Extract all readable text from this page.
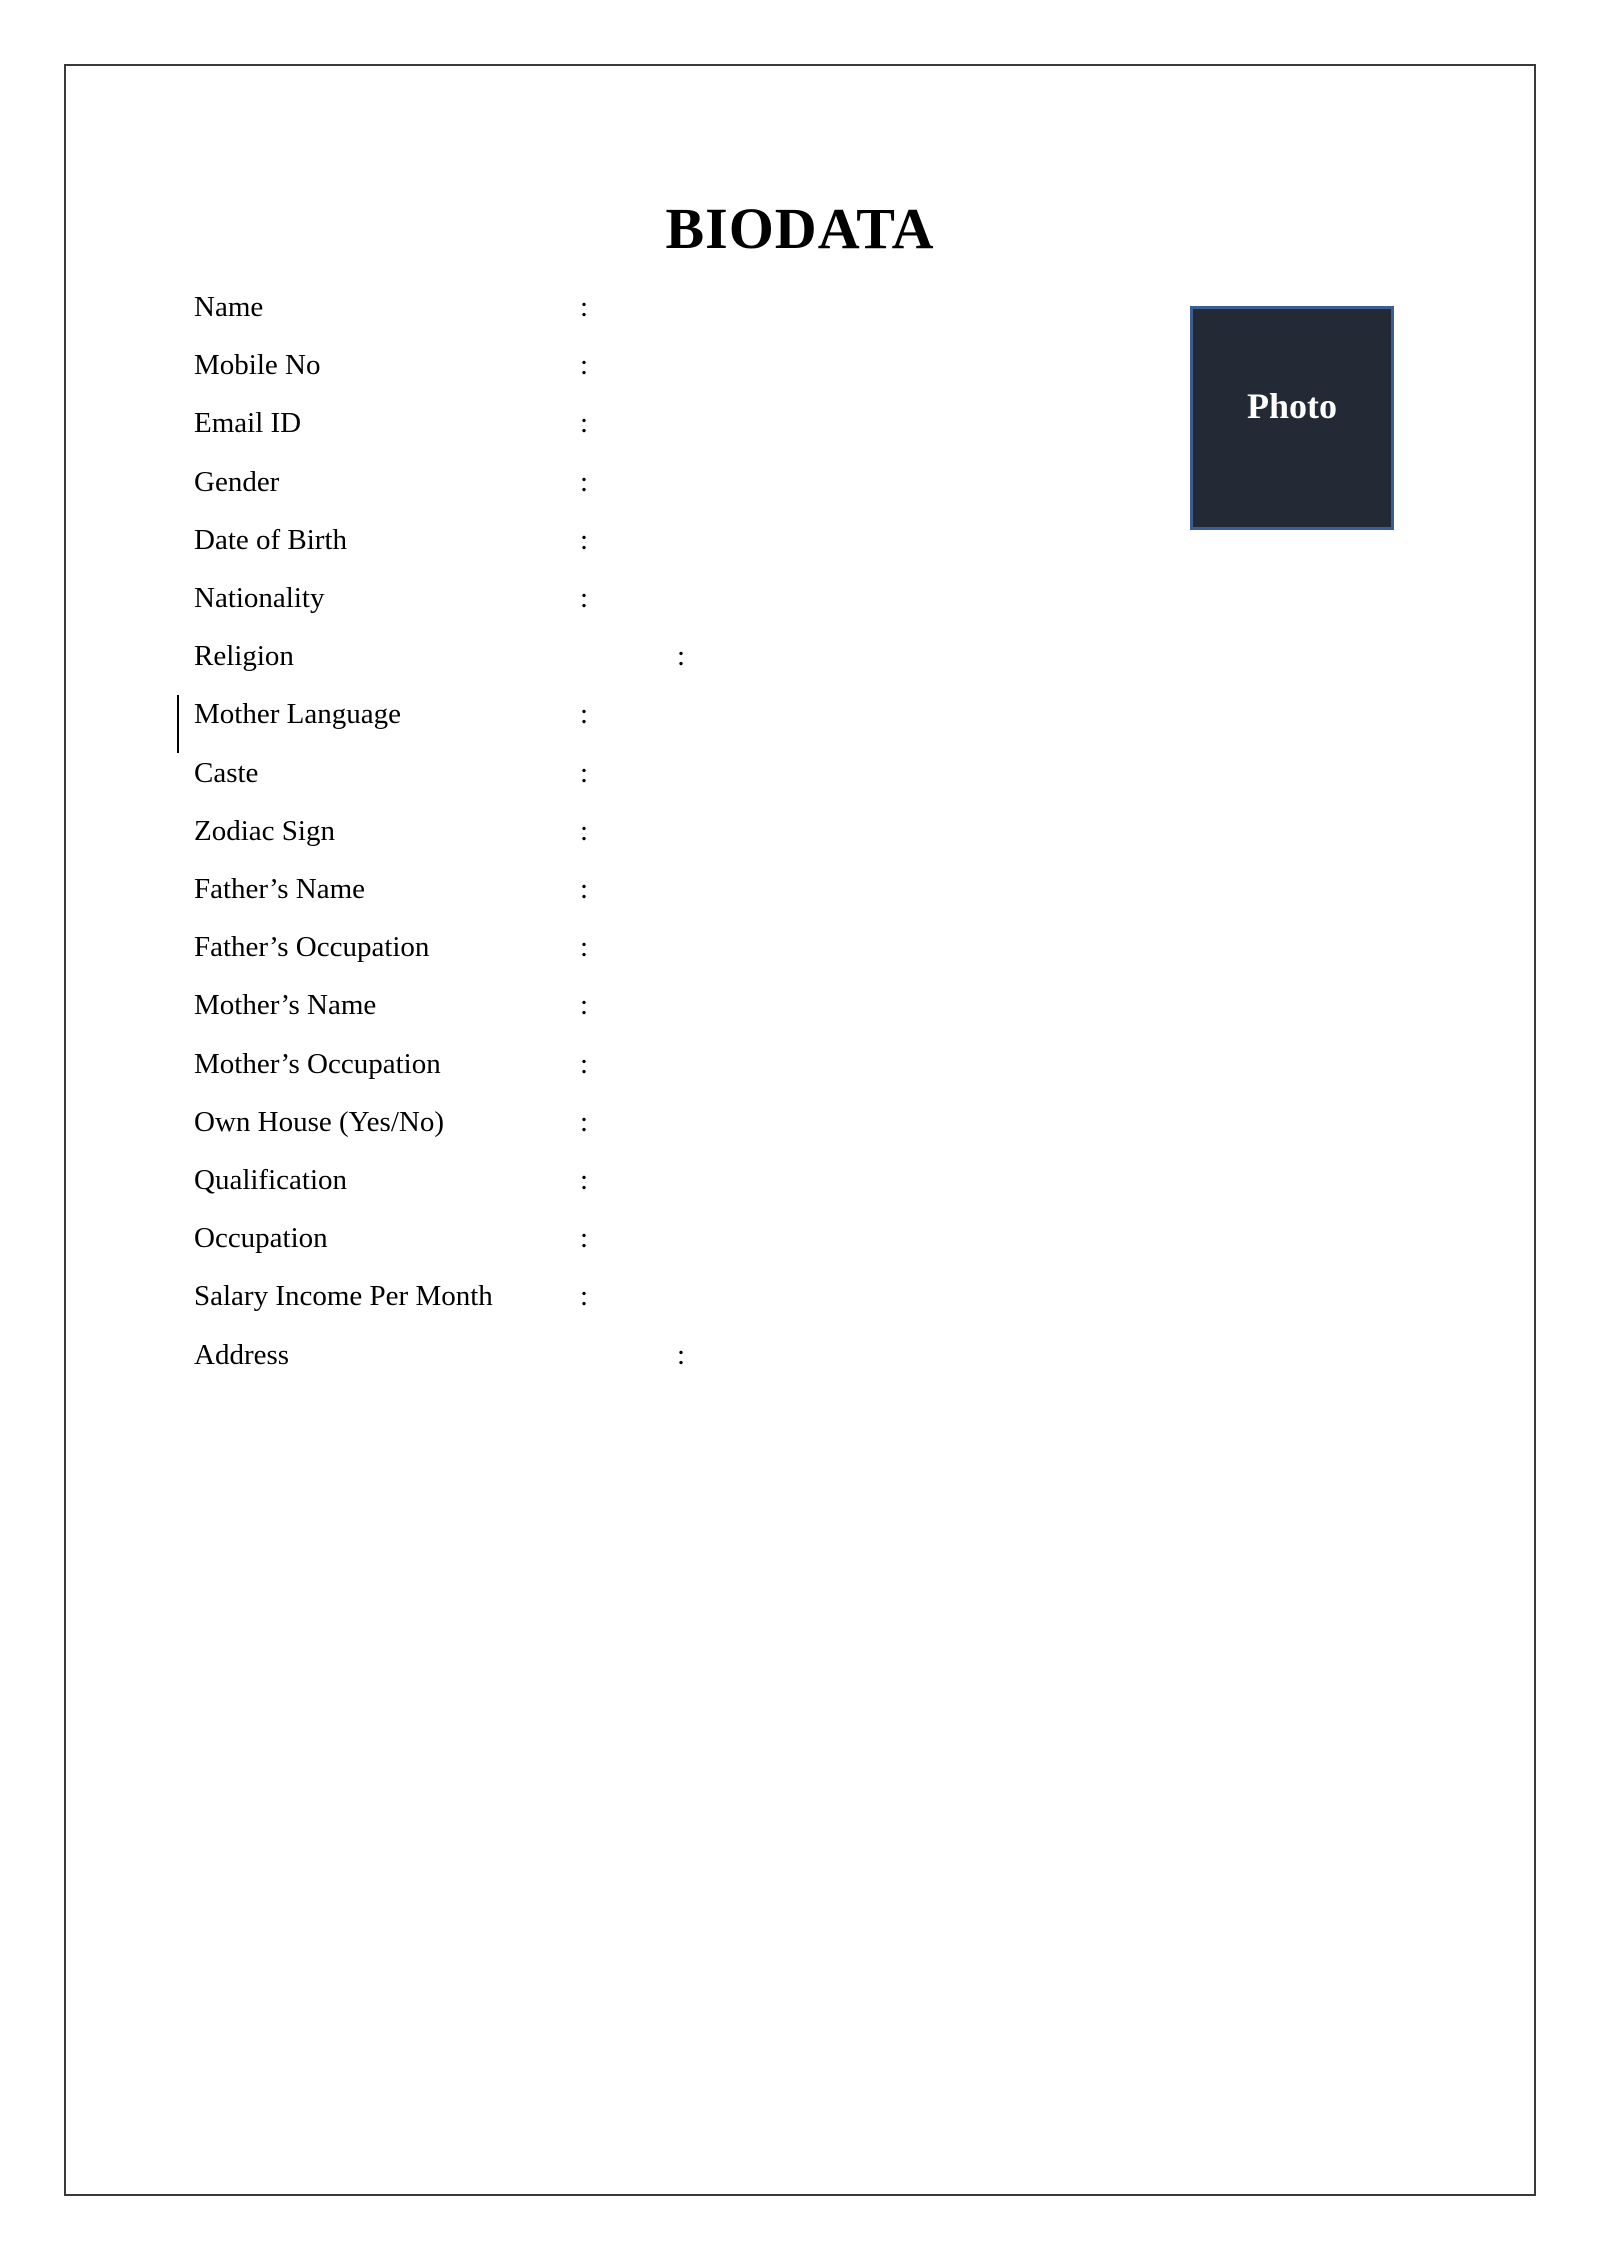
BIODATA
Name	:
Mobile No	:
Email ID	:
Gender	:
Date of Birth	:
Nationality	:
Religion	:
Mother Language	:
Caste	:
Zodiac Sign	:
Father’s Name	:
Father’s Occupation	:
Mother’s Name	:
Mother’s Occupation	:
Own House (Yes/No)	:
Qualification	:
Occupation	:
Salary Income Per Month	:
Address	:
Photo
